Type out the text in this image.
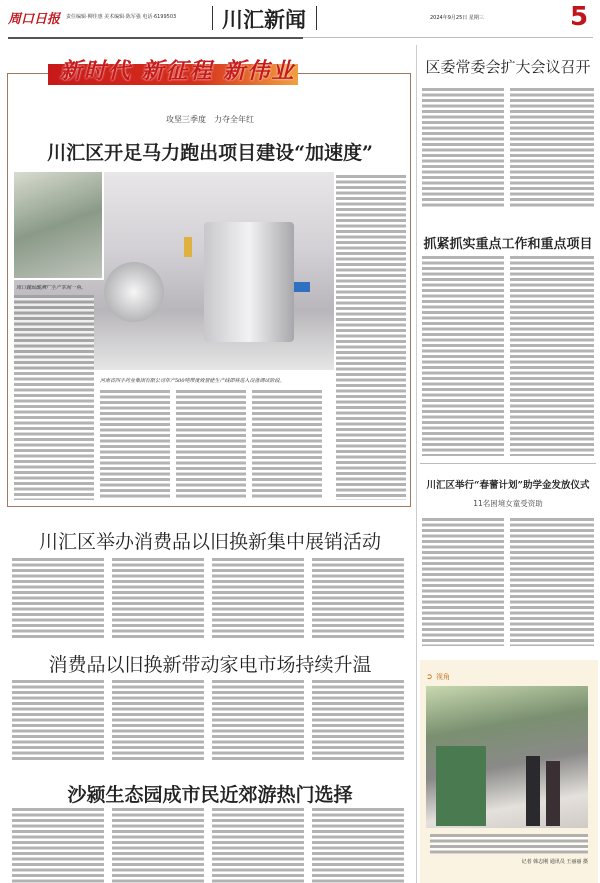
周口日报 责任编辑·柳佳惠 美术编辑·陈军强 电话·6199503 川汇新闻	2024年9月25日 星期三	5
新时代 新征程 新伟业
攻坚三季度　力夺全年红
川汇区开足马力跑出项目建设“加速度”
周口魏灿酸酒厂生产车间一角。
河南省四手药业集团有限公司年产500吨带度致智能生产线即将进入设备调试阶段。
川汇区举办消费品以旧换新集中展销活动
消费品以旧换新带动家电市场持续升温
沙颍生态园成市民近郊游热门选择
区委常委会扩大会议召开
抓紧抓实重点工作和重点项目
川汇区举行“春蕾计划”助学金发放仪式
11名困境女童受资助
➲ 视角
记者 韩志刚 通讯员 王丽丽 摄
